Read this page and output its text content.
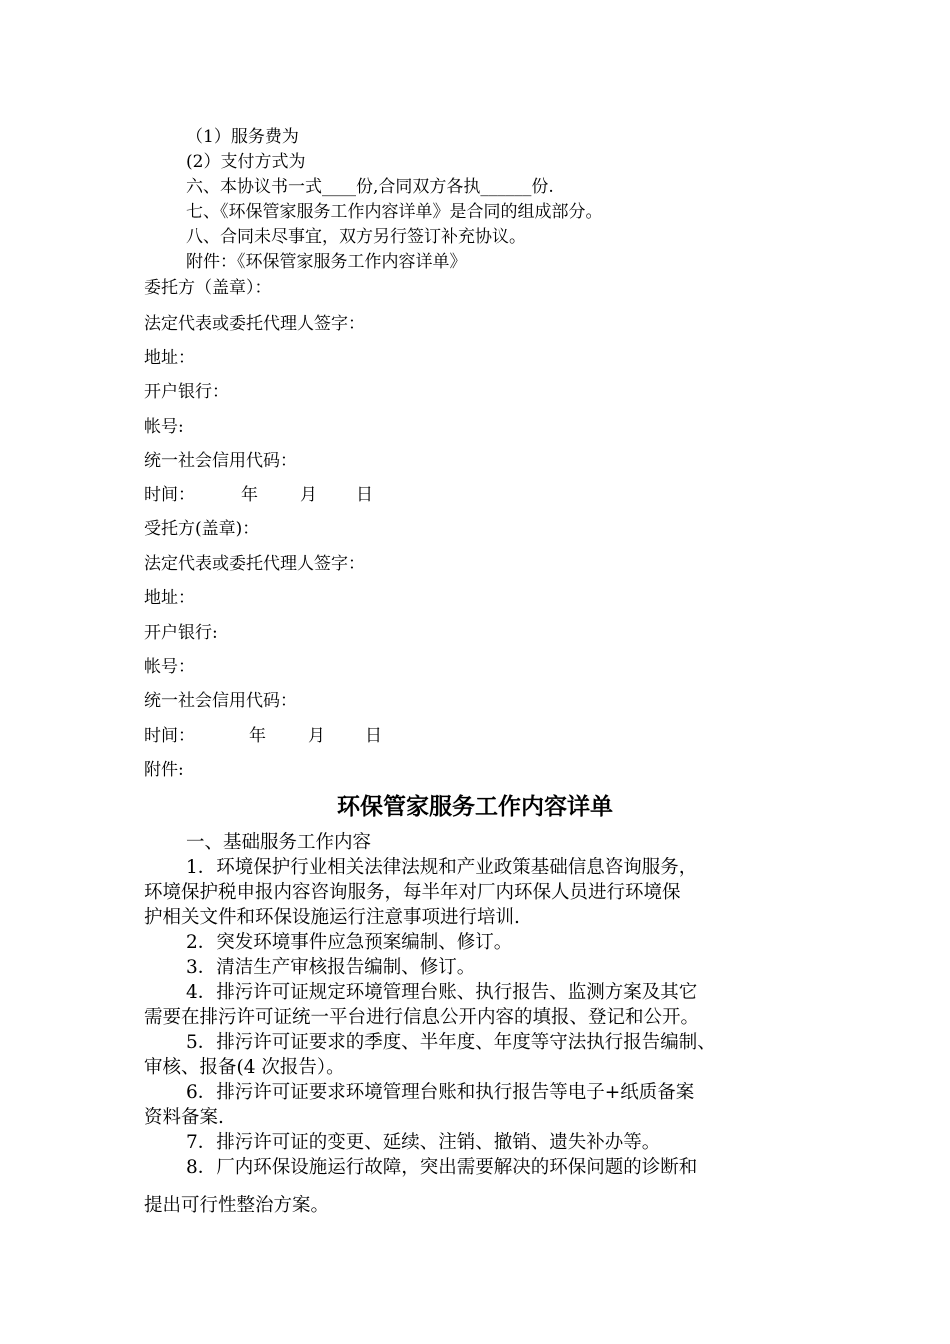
（1）服务费为
(2）支付方式为
六、本协议书一式____份,合同双方各执______份.
七、《环保管家服务工作内容详单》是合同的组成部分。
八、合同未尽事宜，双方另行签订补充协议。
附件：《环保管家服务工作内容详单》
委托方（盖章）：
法定代表或委托代理人签字：
地址：
开户银行：
帐号:
统一社会信用代码：
时间：	年 月 日
受托方(盖章)：
法定代表或委托代理人签字：
地址：
开户银行:
帐号：
统一社会信用代码：
时间：	年 月 日
附件:
环保管家服务工作内容详单
一、基础服务工作内容
1．环境保护行业相关法律法规和产业政策基础信息咨询服务，
环境保护税申报内容咨询服务，每半年对厂内环保人员进行环境保
护相关文件和环保设施运行注意事项进行培训.
2．突发环境事件应急预案编制、修订。
3．清洁生产审核报告编制、修订。
4．排污许可证规定环境管理台账、执行报告、监测方案及其它
需要在排污许可证统一平台进行信息公开内容的填报、登记和公开。
5．排污许可证要求的季度、半年度、年度等守法执行报告编制、
审核、报备(4 次报告）。
6．排污许可证要求环境管理台账和执行报告等电子+纸质备案
资料备案.
7．排污许可证的变更、延续、注销、撤销、遗失补办等。
8．厂内环保设施运行故障，突出需要解决的环保问题的诊断和
提出可行性整治方案。
